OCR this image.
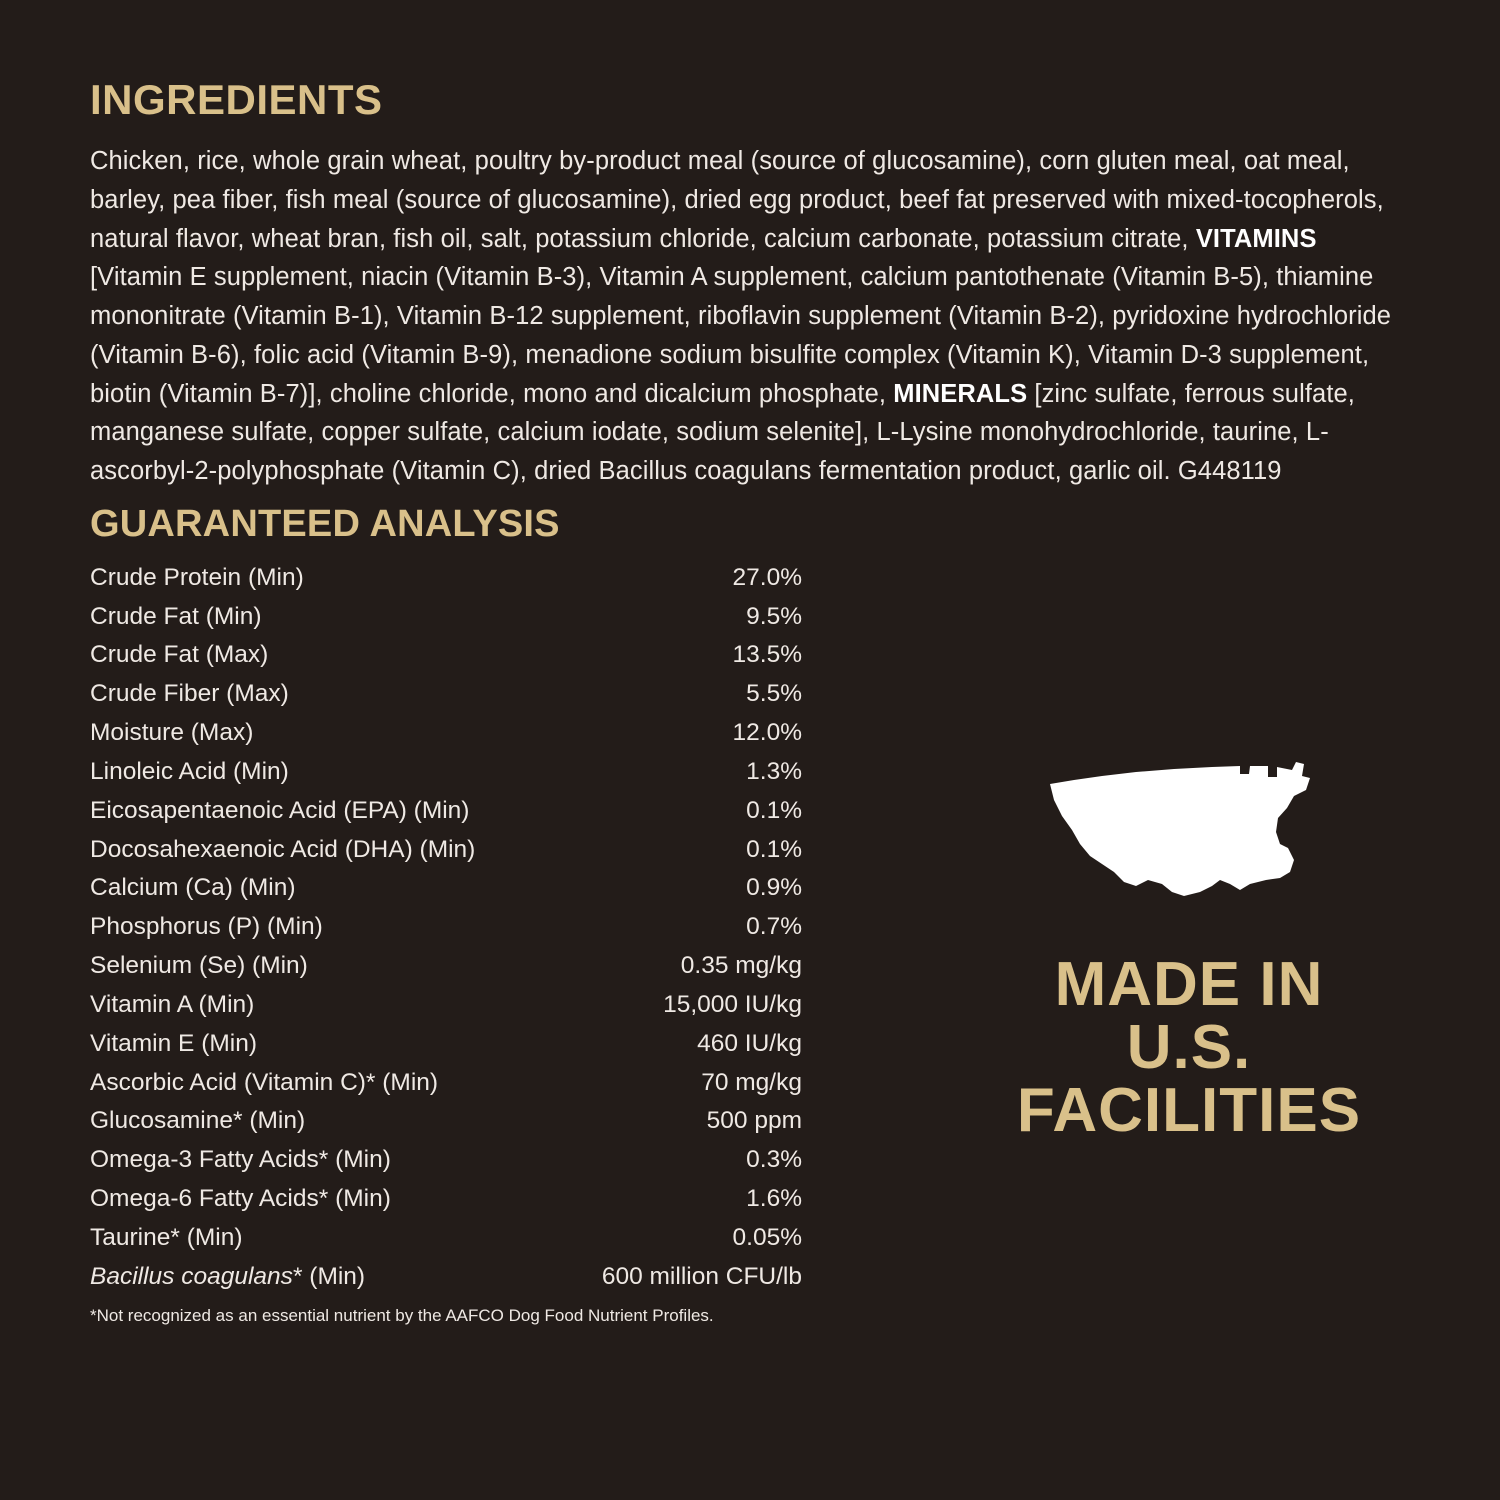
INGREDIENTS

Chicken, rice, whole grain wheat, poultry by-product meal (source of glucosamine), corn gluten meal, oat meal, barley, pea fiber, fish meal (source of glucosamine), dried egg product, beef fat preserved with mixed-tocopherols, natural flavor, wheat bran, fish oil, salt, potassium chloride, calcium carbonate, potassium citrate, VITAMINS [Vitamin E supplement, niacin (Vitamin B-3), Vitamin A supplement, calcium pantothenate (Vitamin B-5), thiamine mononitrate (Vitamin B-1), Vitamin B-12 supplement, riboflavin supplement (Vitamin B-2), pyridoxine hydrochloride (Vitamin B-6), folic acid (Vitamin B-9), menadione sodium bisulfite complex (Vitamin K), Vitamin D-3 supplement, biotin (Vitamin B-7)], choline chloride, mono and dicalcium phosphate, MINERALS [zinc sulfate, ferrous sulfate, manganese sulfate, copper sulfate, calcium iodate, sodium selenite], L-Lysine monohydrochloride, taurine, L-ascorbyl-2-polyphosphate (Vitamin C), dried Bacillus coagulans fermentation product, garlic oil. G448119

GUARANTEED ANALYSIS
Crude Protein (Min)	27.0%
Crude Fat (Min)	9.5%
Crude Fat (Max)	13.5%
Crude Fiber (Max)	5.5%
Moisture (Max)	12.0%
Linoleic Acid (Min)	1.3%
Eicosapentaenoic Acid (EPA) (Min)	0.1%
Docosahexaenoic Acid (DHA) (Min)	0.1%
Calcium (Ca) (Min)	0.9%
Phosphorus (P) (Min)	0.7%
Selenium (Se) (Min)	0.35 mg/kg
Vitamin A (Min)	15,000 IU/kg
Vitamin E (Min)	460 IU/kg
Ascorbic Acid (Vitamin C)* (Min)	70 mg/kg
Glucosamine* (Min)	500 ppm
Omega-3 Fatty Acids* (Min)	0.3%
Omega-6 Fatty Acids* (Min)	1.6%
Taurine* (Min)	0.05%
Bacillus coagulans* (Min)	600 million CFU/lb
*Not recognized as an essential nutrient by the AAFCO Dog Food Nutrient Profiles.
MADE IN
U.S.
FACILITIES
